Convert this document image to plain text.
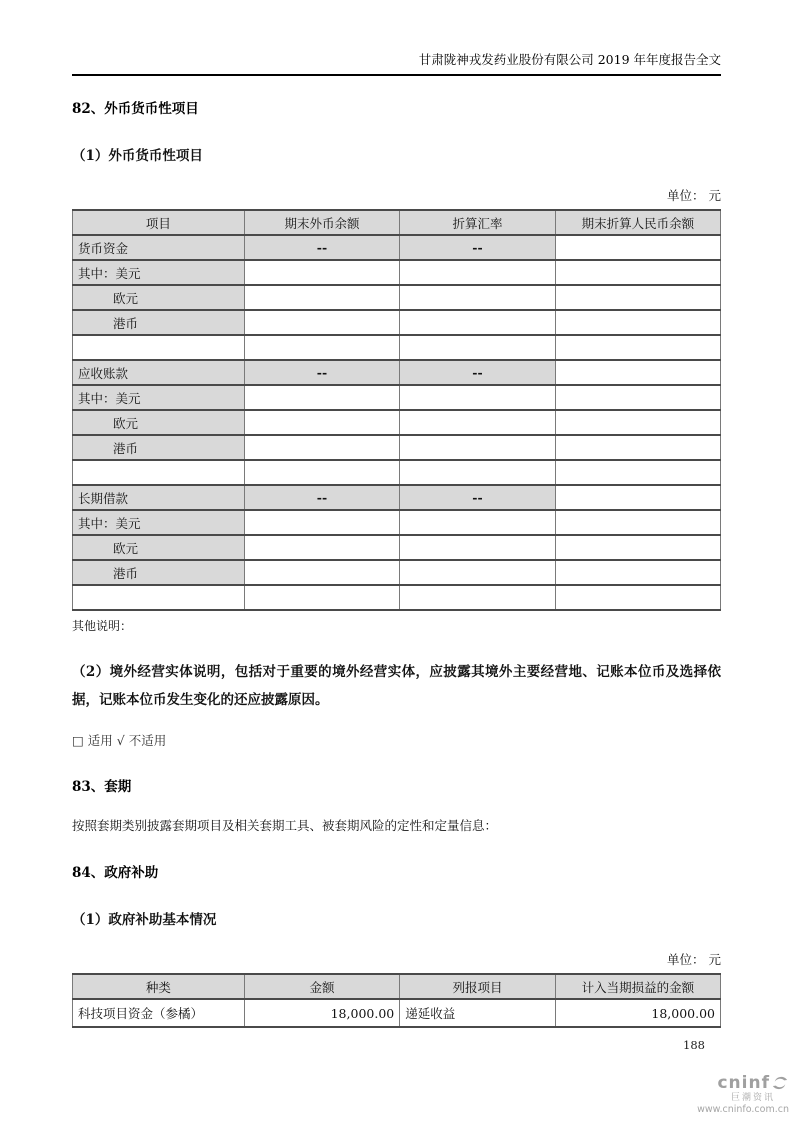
甘肃陇神戎发药业股份有限公司 2019 年年度报告全文
82、外币货币性项目
（1）外币货币性项目
单位： 元
项目	期末外币余额	折算汇率	期末折算人民币余额
货币资金	--	--	
其中：美元			
欧元			
港币			

应收账款	--	--	
其中：美元			
欧元			
港币			

长期借款	--	--	
其中：美元			
欧元			
港币			

其他说明：
（2）境外经营实体说明，包括对于重要的境外经营实体，应披露其境外主要经营地、记账本位币及选择依据，记账本位币发生变化的还应披露原因。
□ 适用 √ 不适用
83、套期
按照套期类别披露套期项目及相关套期工具、被套期风险的定性和定量信息：
84、政府补助
（1）政府补助基本情况
单位： 元
种类	金额	列报项目	计入当期损益的金额
科技项目资金（参橘）	18,000.00	递延收益	18,000.00
188
cninf
巨潮资讯
www.cninfo.com.cn
